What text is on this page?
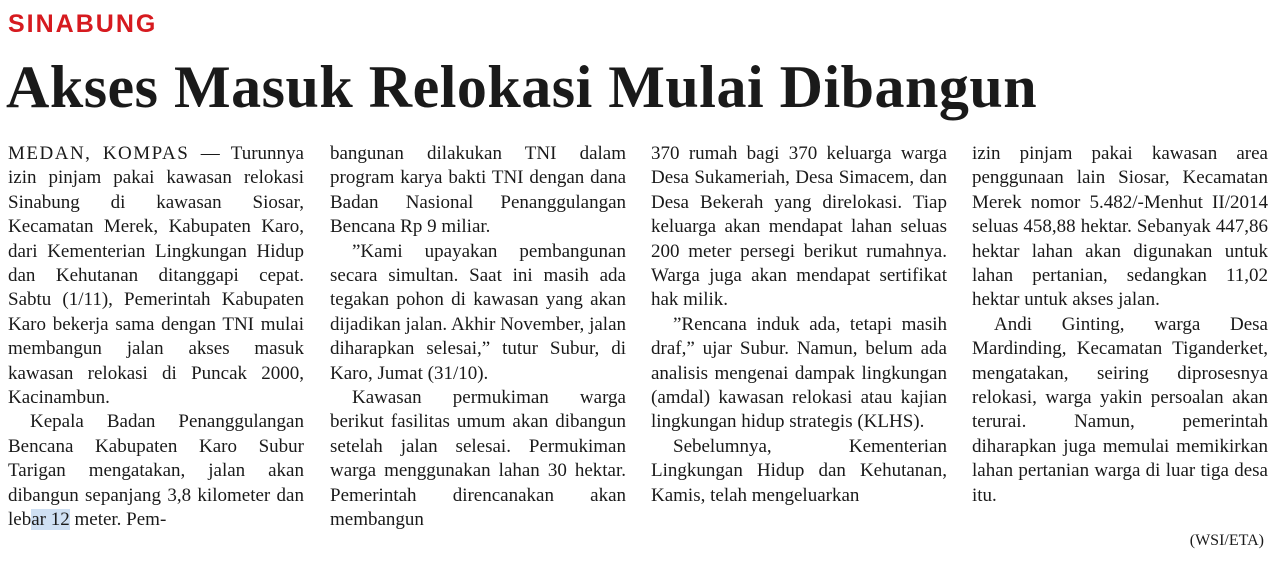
SINABUNG
Akses Masuk Relokasi Mulai Dibangun

MEDAN, KOMPAS — Turunnya izin pinjam pakai kawasan relokasi Sinabung di kawasan Siosar, Kecamatan Merek, Kabupaten Karo, dari Kementerian Lingkungan Hidup dan Kehutanan ditanggapi cepat. Sabtu (1/11), Pemerintah Kabupaten Karo bekerja sama dengan TNI mulai membangun jalan akses masuk kawasan relokasi di Puncak 2000, Kacinambun.

Kepala Badan Penanggulangan Bencana Kabupaten Karo Subur Tarigan mengatakan, jalan akan dibangun sepanjang 3,8 kilometer dan lebar 12 meter. Pem-

bangunan dilakukan TNI dalam program karya bakti TNI dengan dana Badan Nasional Penanggulangan Bencana Rp 9 miliar.

”Kami upayakan pembangunan secara simultan. Saat ini masih ada tegakan pohon di kawasan yang akan dijadikan jalan. Akhir November, jalan diharapkan selesai,” tutur Subur, di Karo, Jumat (31/10).

Kawasan permukiman warga berikut fasilitas umum akan dibangun setelah jalan selesai. Permukiman warga menggunakan lahan 30 hektar. Pemerintah direncanakan akan membangun

370 rumah bagi 370 keluarga warga Desa Sukameriah, Desa Simacem, dan Desa Bekerah yang direlokasi. Tiap keluarga akan mendapat lahan seluas 200 meter persegi berikut rumahnya. Warga juga akan mendapat sertifikat hak milik.

”Rencana induk ada, tetapi masih draf,” ujar Subur. Namun, belum ada analisis mengenai dampak lingkungan (amdal) kawasan relokasi atau kajian lingkungan hidup strategis (KLHS).

Sebelumnya, Kementerian Lingkungan Hidup dan Kehutanan, Kamis, telah mengeluarkan

izin pinjam pakai kawasan area penggunaan lain Siosar, Kecamatan Merek nomor 5.482/-Menhut II/2014 seluas 458,88 hektar. Sebanyak 447,86 hektar lahan akan digunakan untuk lahan pertanian, sedangkan 11,02 hektar untuk akses jalan.

Andi Ginting, warga Desa Mardinding, Kecamatan Tiganderket, mengatakan, seiring diprosesnya relokasi, warga yakin persoalan akan terurai. Namun, pemerintah diharapkan juga memulai memikirkan lahan pertanian warga di luar tiga desa itu.

(WSI/ETA)
